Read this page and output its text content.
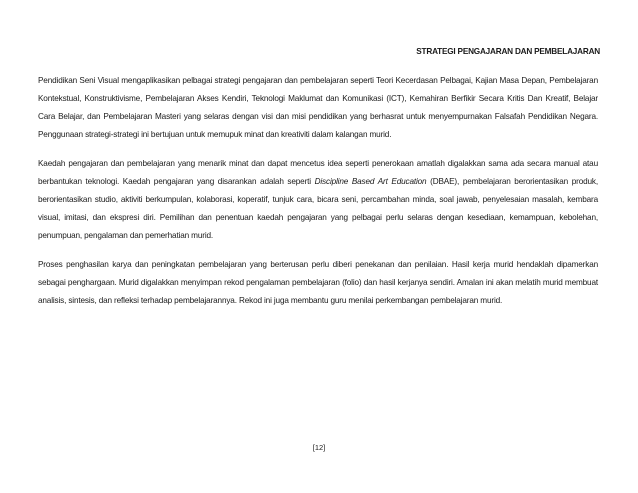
STRATEGI PENGAJARAN DAN PEMBELAJARAN

Pendidikan Seni Visual mengaplikasikan pelbagai strategi pengajaran dan pembelajaran seperti Teori Kecerdasan Pelbagai, Kajian Masa Depan, Pembelajaran Kontekstual, Konstruktivisme, Pembelajaran Akses Kendiri, Teknologi Maklumat dan Komunikasi (ICT), Kemahiran Berfikir Secara Kritis Dan Kreatif, Belajar Cara Belajar, dan Pembelajaran Masteri yang selaras dengan visi dan misi pendidikan yang berhasrat untuk menyempurnakan Falsafah Pendidikan Negara. Penggunaan strategi-strategi ini bertujuan untuk memupuk minat dan kreativiti dalam kalangan murid.

Kaedah pengajaran dan pembelajaran yang menarik minat dan dapat mencetus idea seperti penerokaan amatlah digalakkan sama ada secara manual atau berbantukan teknologi. Kaedah pengajaran yang disarankan adalah seperti Discipline Based Art Education (DBAE), pembelajaran berorientasikan produk, berorientasikan studio, aktiviti berkumpulan, kolaborasi, koperatif, tunjuk cara, bicara seni, percambahan minda, soal jawab, penyelesaian masalah, kembara visual, imitasi, dan ekspresi diri. Pemilihan dan penentuan kaedah pengajaran yang pelbagai perlu selaras dengan kesediaan, kemampuan, kebolehan, penumpuan, pengalaman dan pemerhatian murid.

Proses penghasilan karya dan peningkatan pembelajaran yang berterusan perlu diberi penekanan dan penilaian. Hasil kerja murid hendaklah dipamerkan sebagai penghargaan. Murid digalakkan menyimpan rekod pengalaman pembelajaran (folio) dan hasil kerjanya sendiri. Amalan ini akan melatih murid membuat analisis, sintesis, dan refleksi terhadap pembelajarannya. Rekod ini juga membantu guru menilai perkembangan pembelajaran murid.

[12]
